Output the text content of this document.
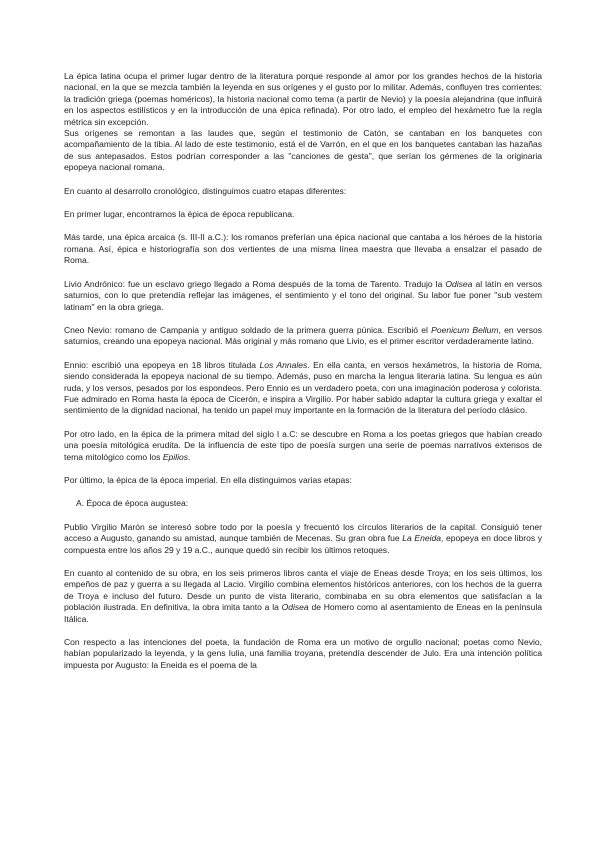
La épica latina ocupa el primer lugar dentro de la literatura porque responde al amor por los grandes hechos de la historia nacional, en la que se mezcla también la leyenda en sus orígenes y el gusto por lo militar. Además, confluyen tres corrientes: la tradición griega (poemas homéricos), la historia nacional como tema (a partir de Nevio) y la poesía alejandrina (que influirá en los aspectos estilísticos y en la introducción de una épica refinada). Por otro lado, el empleo del hexámetro fue la regla métrica sin excepción.

Sus orígenes se remontan a las laudes que, según el testimonio de Catón, se cantaban en los banquetes con acompañamiento de la tibia. Al lado de este testimonio, está el de Varrón, en el que en los banquetes cantaban las hazañas de sus antepasados. Estos podrían corresponder a las "canciones de gesta", que serían los gérmenes de la originaria epopeya nacional romana.

En cuanto al desarrollo cronológico, distinguimos cuatro etapas diferentes:

En primer lugar, encontramos la épica de época republicana.

Más tarde, una épica arcaica (s. III-II a.C.): los romanos preferían una épica nacional que cantaba a los héroes de la historia romana. Así, épica e historiografía son dos vertientes de una misma línea maestra que llevaba a ensalzar el pasado de Roma.

Livio Andrónico: fue un esclavo griego llegado a Roma después de la toma de Tarento. Tradujo la Odisea al latín en versos saturnios, con lo que pretendía reflejar las imágenes, el sentimiento y el tono del original. Su labor fue poner "sub vestem latinam" en la obra griega.

Cneo Nevio: romano de Campania y antiguo soldado de la primera guerra púnica. Escribió el Poenicum Bellum, en versos saturnios, creando una epopeya nacional. Más original y más romano que Livio, es el primer escritor verdaderamente latino.

Ennio: escribió una epopeya en 18 libros titulada Los Annales. En ella canta, en versos hexámetros, la historia de Roma, siendo considerada la epopeya nacional de su tiempo. Además, puso en marcha la lengua literaria latina. Su lengua es aún ruda, y los versos, pesados por los espondeos. Pero Ennio es un verdadero poeta, con una imaginación poderosa y colorista. Fue admirado en Roma hasta la época de Cicerón, e inspira a Virgilio. Por haber sabido adaptar la cultura griega y exaltar el sentimiento de la dignidad nacional, ha tenido un papel muy importante en la formación de la literatura del período clásico.

Por otro lado, en la épica de la primera mitad del siglo I a.C: se descubre en Roma a los poetas griegos que habían creado una poesía mitológica erudita. De la influencia de este tipo de poesía surgen una serie de poemas narrativos extensos de tema mitológico como los Epilios.

Por último, la épica de la época imperial. En ella distinguimos varias etapas:

A. Época de época augustea:

Publio Virgilio Marón se interesó sobre todo por la poesía y frecuentó los círculos literarios de la capital. Consiguió tener acceso a Augusto, ganando su amistad, aunque también de Mecenas. Su gran obra fue La Eneida, epopeya en doce libros y compuesta entre los años 29 y 19 a.C., aunque quedó sin recibir los últimos retoques.

En cuanto al contenido de su obra, en los seis primeros libros canta el viaje de Eneas desde Troya; en los seis últimos, los empeños de paz y guerra a su llegada al Lacio. Virgilio combina elementos históricos anteriores, con los hechos de la guerra de Troya e incluso del futuro. Desde un punto de vista literario, combinaba en su obra elementos que satisfacían a la población ilustrada. En definitiva, la obra imita tanto a la Odisea de Homero como al asentamiento de Eneas en la península Itálica.

Con respecto a las intenciones del poeta, la fundación de Roma era un motivo de orgullo nacional; poetas como Nevio, habían popularizado la leyenda, y la gens Iulia, una familia troyana, pretendía descender de Julo. Era una intención política impuesta por Augusto: la Eneida es el poema de la
